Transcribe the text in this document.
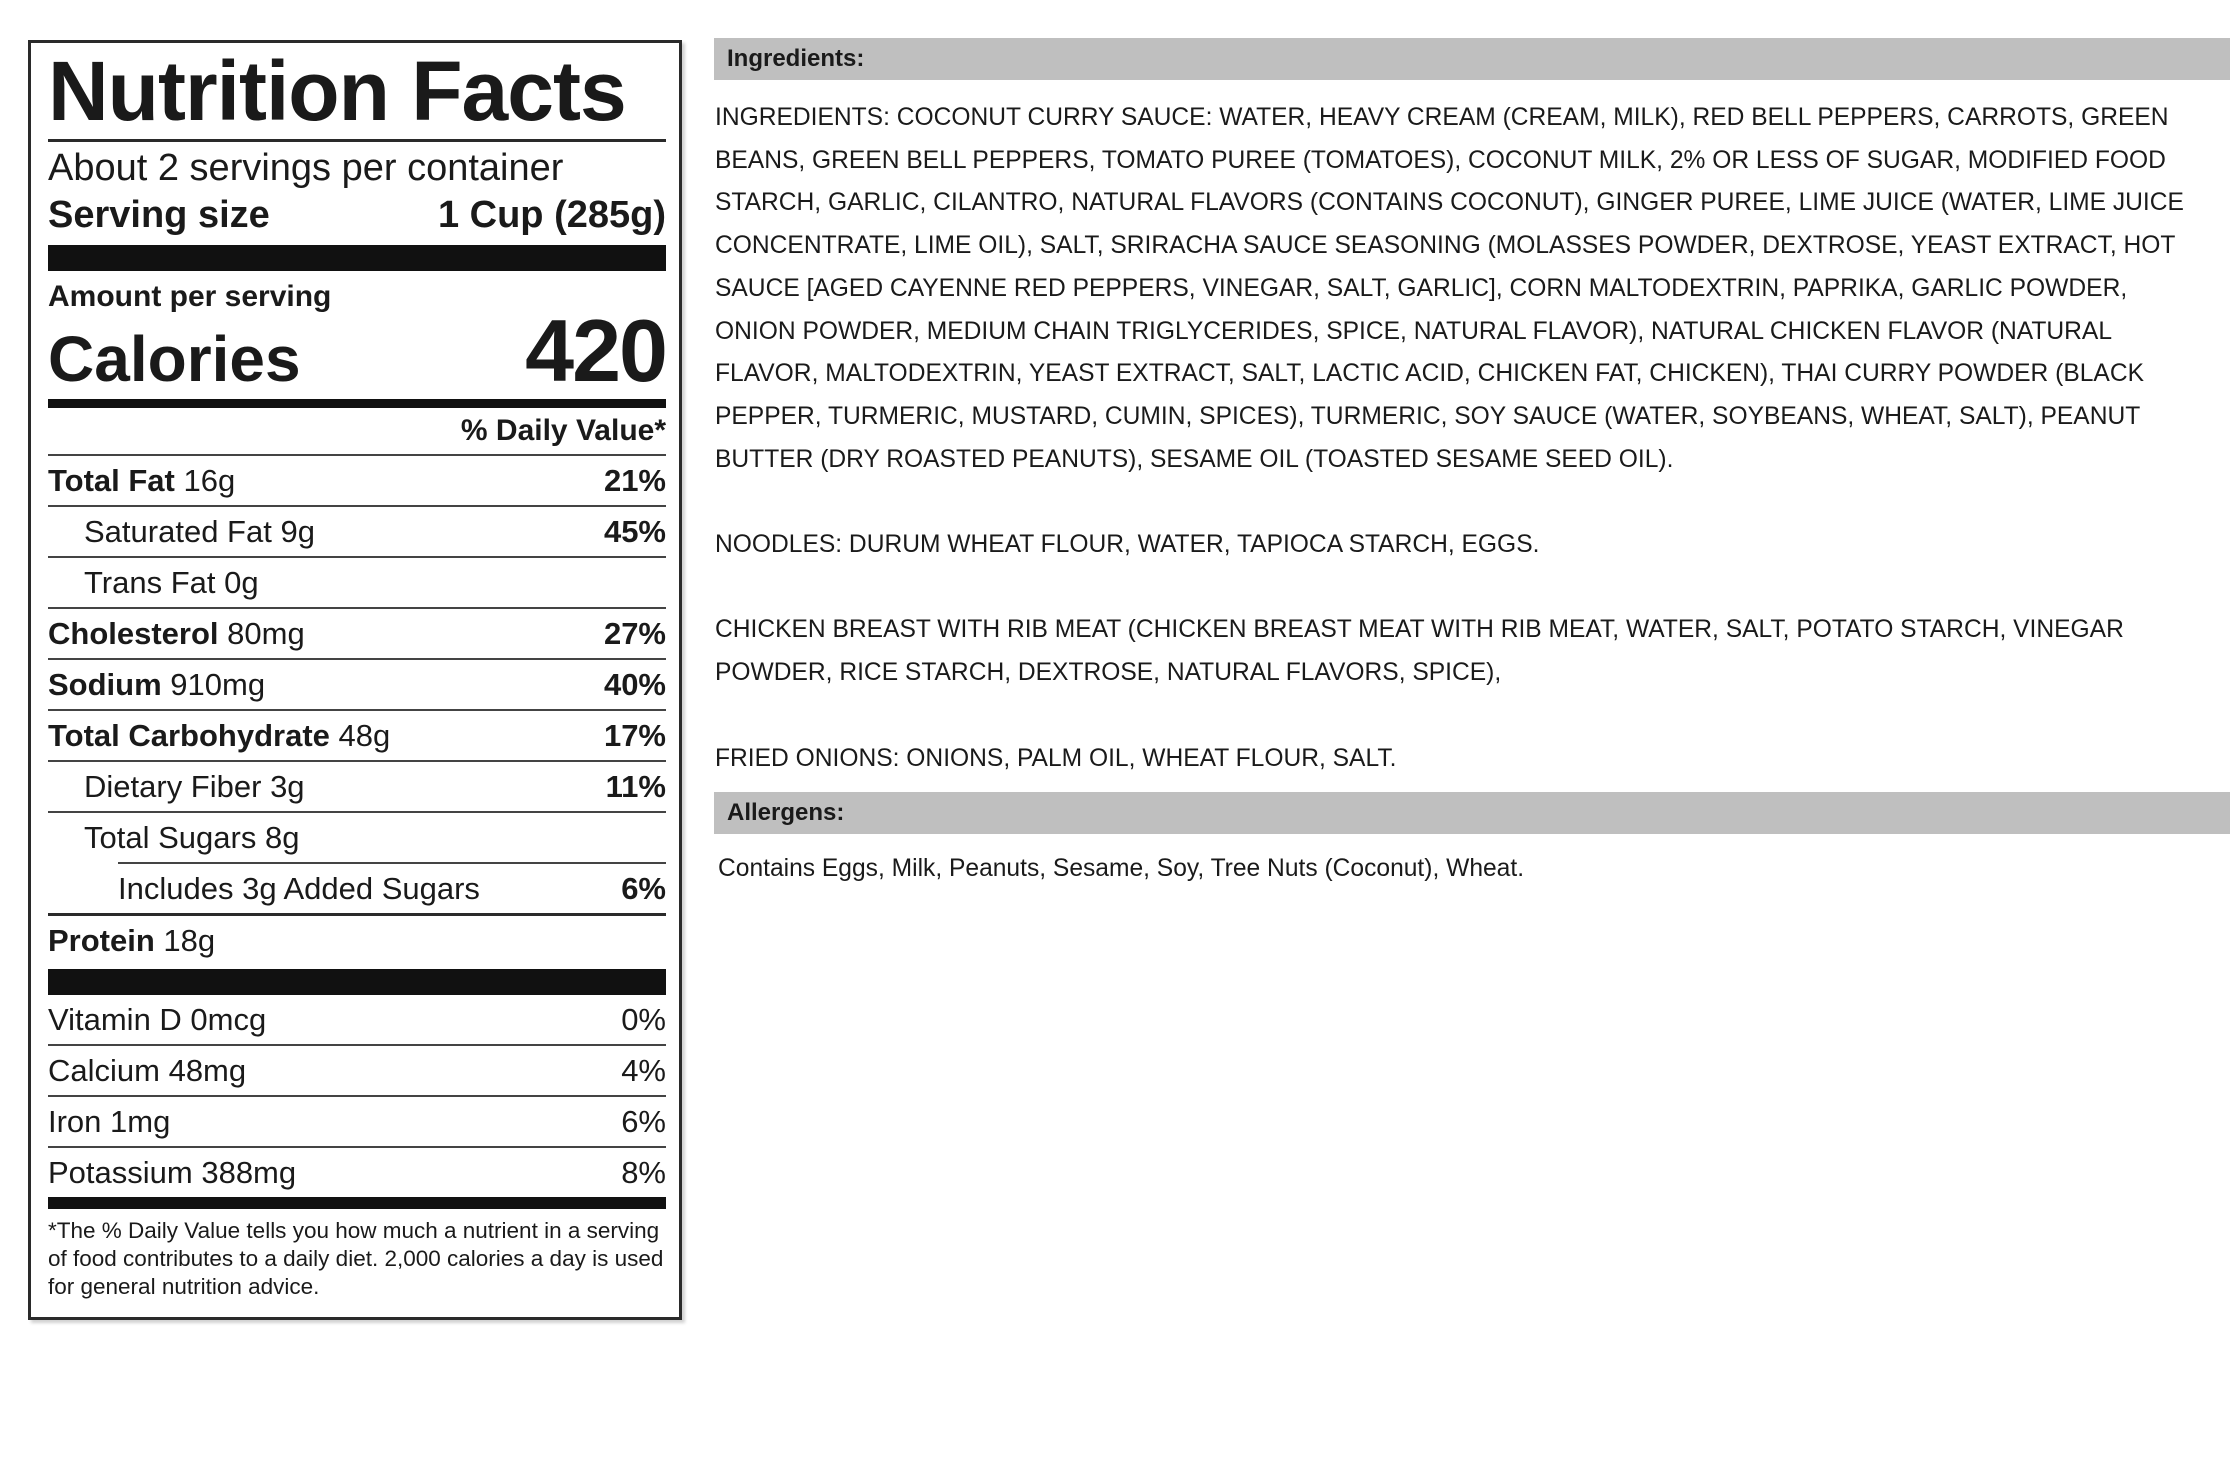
Nutrition Facts
About 2 servings per container
Serving size	1 Cup (285g)
Amount per serving
Calories	420
% Daily Value*
Total Fat 16g	21%
Saturated Fat 9g	45%
Trans Fat 0g
Cholesterol 80mg	27%
Sodium 910mg	40%
Total Carbohydrate 48g	17%
Dietary Fiber 3g	11%
Total Sugars 8g
Includes 3g Added Sugars	6%
Protein 18g
Vitamin D 0mcg	0%
Calcium 48mg	4%
Iron 1mg	6%
Potassium 388mg	8%
*The % Daily Value tells you how much a nutrient in a serving of food contributes to a daily diet. 2,000 calories a day is used for general nutrition advice.
Ingredients:

INGREDIENTS: COCONUT CURRY SAUCE: WATER, HEAVY CREAM (CREAM, MILK), RED BELL PEPPERS, CARROTS, GREEN BEANS, GREEN BELL PEPPERS, TOMATO PUREE (TOMATOES), COCONUT MILK, 2% OR LESS OF SUGAR, MODIFIED FOOD STARCH, GARLIC, CILANTRO, NATURAL FLAVORS (CONTAINS COCONUT), GINGER PUREE, LIME JUICE (WATER, LIME JUICE CONCENTRATE, LIME OIL), SALT, SRIRACHA SAUCE SEASONING (MOLASSES POWDER, DEXTROSE, YEAST EXTRACT, HOT SAUCE [AGED CAYENNE RED PEPPERS, VINEGAR, SALT, GARLIC], CORN MALTODEXTRIN, PAPRIKA, GARLIC POWDER, ONION POWDER, MEDIUM CHAIN TRIGLYCERIDES, SPICE, NATURAL FLAVOR), NATURAL CHICKEN FLAVOR (NATURAL FLAVOR, MALTODEXTRIN, YEAST EXTRACT, SALT, LACTIC ACID, CHICKEN FAT, CHICKEN), THAI CURRY POWDER (BLACK PEPPER, TURMERIC, MUSTARD, CUMIN, SPICES), TURMERIC, SOY SAUCE (WATER, SOYBEANS, WHEAT, SALT), PEANUT BUTTER (DRY ROASTED PEANUTS), SESAME OIL (TOASTED SESAME SEED OIL).

NOODLES: DURUM WHEAT FLOUR, WATER, TAPIOCA STARCH, EGGS.

CHICKEN BREAST WITH RIB MEAT (CHICKEN BREAST MEAT WITH RIB MEAT, WATER, SALT, POTATO STARCH, VINEGAR POWDER, RICE STARCH, DEXTROSE, NATURAL FLAVORS, SPICE),

FRIED ONIONS: ONIONS, PALM OIL, WHEAT FLOUR, SALT.

Allergens:
Contains Eggs, Milk, Peanuts, Sesame, Soy, Tree Nuts (Coconut), Wheat.
